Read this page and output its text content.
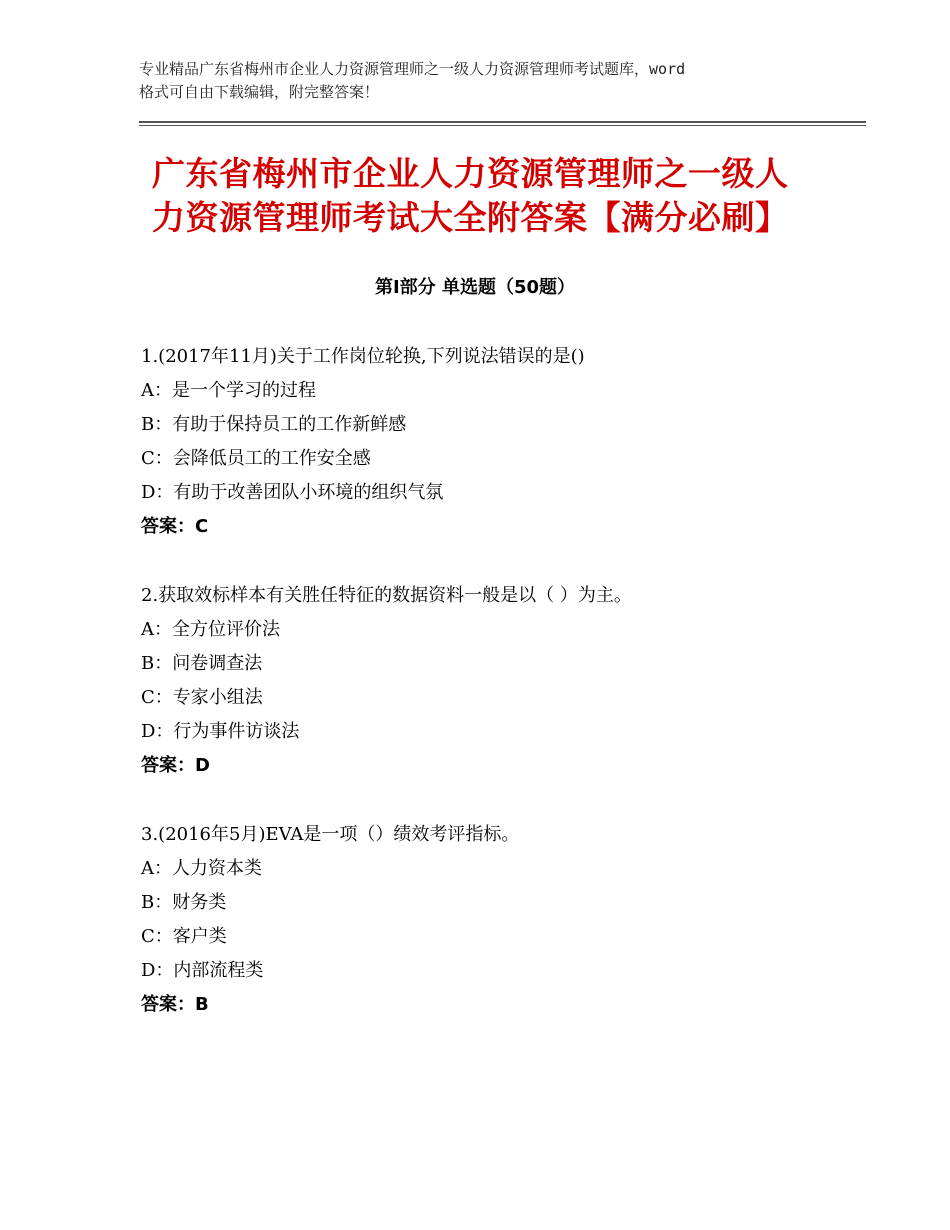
专业精品广东省梅州市企业人力资源管理师之一级人力资源管理师考试题库，word
格式可自由下载编辑，附完整答案！
广东省梅州市企业人力资源管理师之一级人
力资源管理师考试大全附答案【满分必刷】
第Ⅰ部分 单选题（50题）
1.(2017年11月)关于工作岗位轮换,下列说法错误的是()
A：是一个学习的过程
B：有助于保持员工的工作新鲜感
C：会降低员工的工作安全感
D：有助于改善团队小环境的组织气氛
答案：C
2.获取效标样本有关胜任特征的数据资料一般是以（ ）为主。
A：全方位评价法
B：问卷调查法
C：专家小组法
D：行为事件访谈法
答案：D
3.(2016年5月)EVA是一项（）绩效考评指标。
A：人力资本类
B：财务类
C：客户类
D：内部流程类
答案：B
